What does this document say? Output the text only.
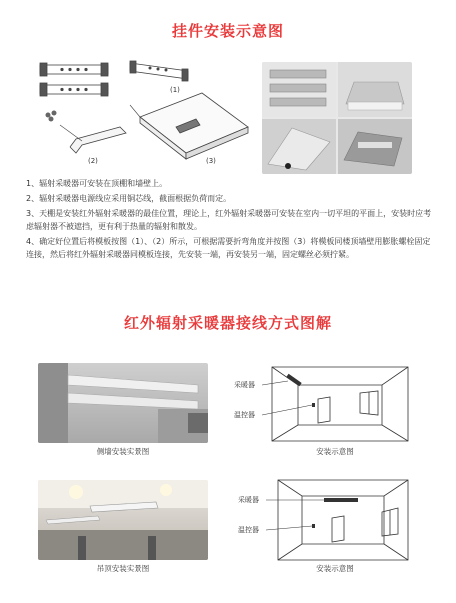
挂件安装示意图
(1)
(2)	(3)
1、辐射采暖器可安装在顶棚和墙壁上。
2、辐射采暖器电源线应采用铜芯线，截面根据负荷而定。
3、天棚是安装红外辐射采暖器的最佳位置，理论上，红外辐射采暖器可安装在室内一切平坦的平面上，安装时应考虑辐射器不被遮挡，更有利于热量的辐射和散发。
4、确定好位置后将模板按图（1）、（2）所示，可根据需要折弯角度并按图（3）将模板同楼顶墙壁用膨胀螺栓固定连接，然后将红外辐射采暖器同模板连接，先安装一端，再安装另一端，固定螺丝必须拧紧。
红外辐射采暖器接线方式图解
侧墙安装实景图
采暖器
温控器
安装示意图
吊顶安装实景图
采暖器
温控器
安装示意图
